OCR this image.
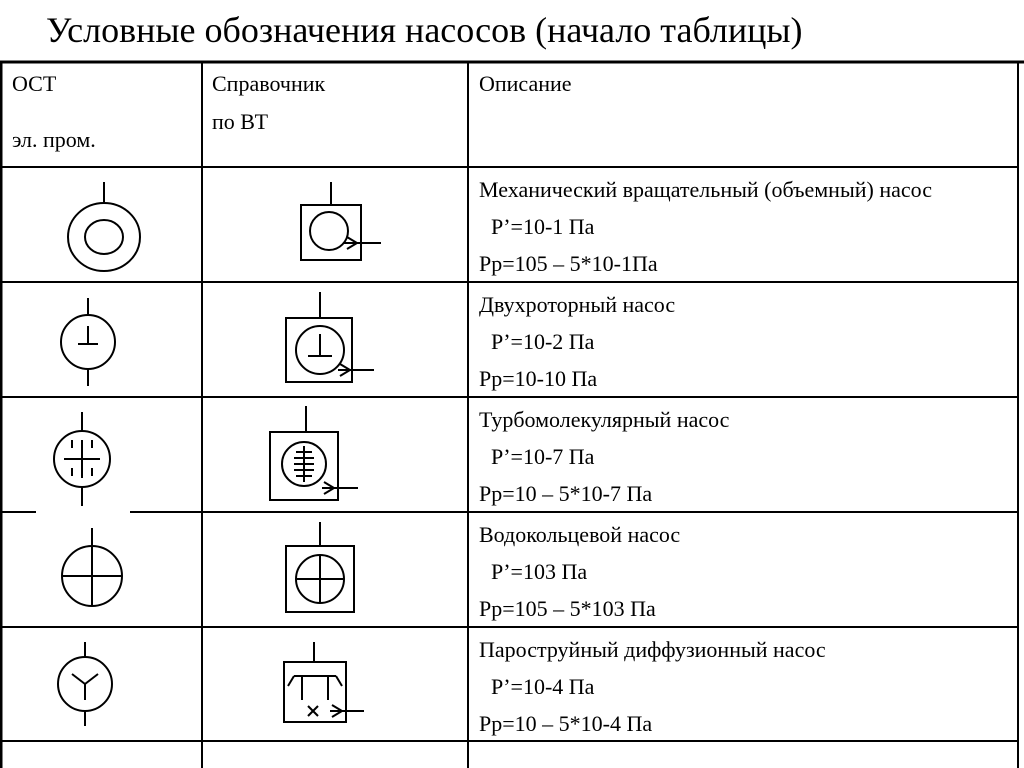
Условные обозначения насосов (начало таблицы)
ОСТ
эл. пром.
Справочник
по ВТ
Описание
Механический вращательный (объемный) насос
P’=10-1 Па
Рр=105 – 5*10-1Па
Двухроторный насос
P’=10-2 Па
Рр=10-10 Па
Турбомолекулярный насос
P’=10-7 Па
Рр=10 – 5*10-7 Па
Водокольцевой насос
P’=103 Па
Рр=105 – 5*103 Па
Пароструйный диффузионный насос
P’=10-4 Па
Рр=10 – 5*10-4 Па
